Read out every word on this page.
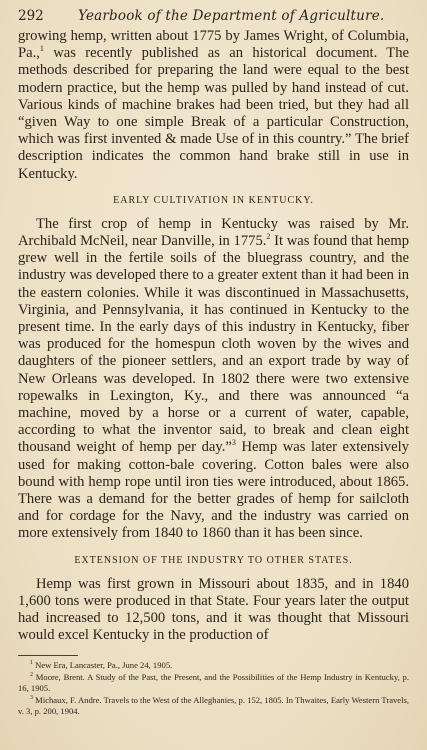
292	Yearbook of the Department of Agriculture.

growing hemp, written about 1775 by James Wright, of Columbia, Pa.,$^1$ was recently published as an historical document. The methods described for preparing the land were equal to the best modern practice, but the hemp was pulled by hand instead of cut. Various kinds of machine brakes had been tried, but they had all “given Way to one simple Break of a particular Construction, which was first invented & made Use of in this country.” The brief description indicates the common hand brake still in use in Kentucky.

EARLY CULTIVATION IN KENTUCKY.

The first crop of hemp in Kentucky was raised by Mr. Archibald McNeil, near Danville, in 1775.$^2$ It was found that hemp grew well in the fertile soils of the bluegrass country, and the industry was developed there to a greater extent than it had been in the eastern colonies. While it was discontinued in Massachusetts, Virginia, and Pennsylvania, it has continued in Kentucky to the present time. In the early days of this industry in Kentucky, fiber was produced for the homespun cloth woven by the wives and daughters of the pioneer settlers, and an export trade by way of New Orleans was developed. In 1802 there were two extensive ropewalks in Lexington, Ky., and there was announced “a machine, moved by a horse or a current of water, capable, according to what the inventor said, to break and clean eight thousand weight of hemp per day.”$^3$ Hemp was later extensively used for making cotton-bale covering. Cotton bales were also bound with hemp rope until iron ties were introduced, about 1865. There was a demand for the better grades of hemp for sailcloth and for cordage for the Navy, and the industry was carried on more extensively from 1840 to 1860 than it has been since.

EXTENSION OF THE INDUSTRY TO OTHER STATES.

Hemp was first grown in Missouri about 1835, and in 1840 1,600 tons were produced in that State. Four years later the output had increased to 12,500 tons, and it was thought that Missouri would excel Kentucky in the production of

$^1$ New Era, Lancaster, Pa., June 24, 1905.

$^2$ Moore, Brent. A Study of the Past, the Present, and the Possibilities of the Hemp Industry in Kentucky, p. 16, 1905.

$^3$ Michaux, F. Andre. Travels to the West of the Alleghanies, p. 152, 1805. In Thwaites, Early Western Travels, v. 3, p. 200, 1904.
